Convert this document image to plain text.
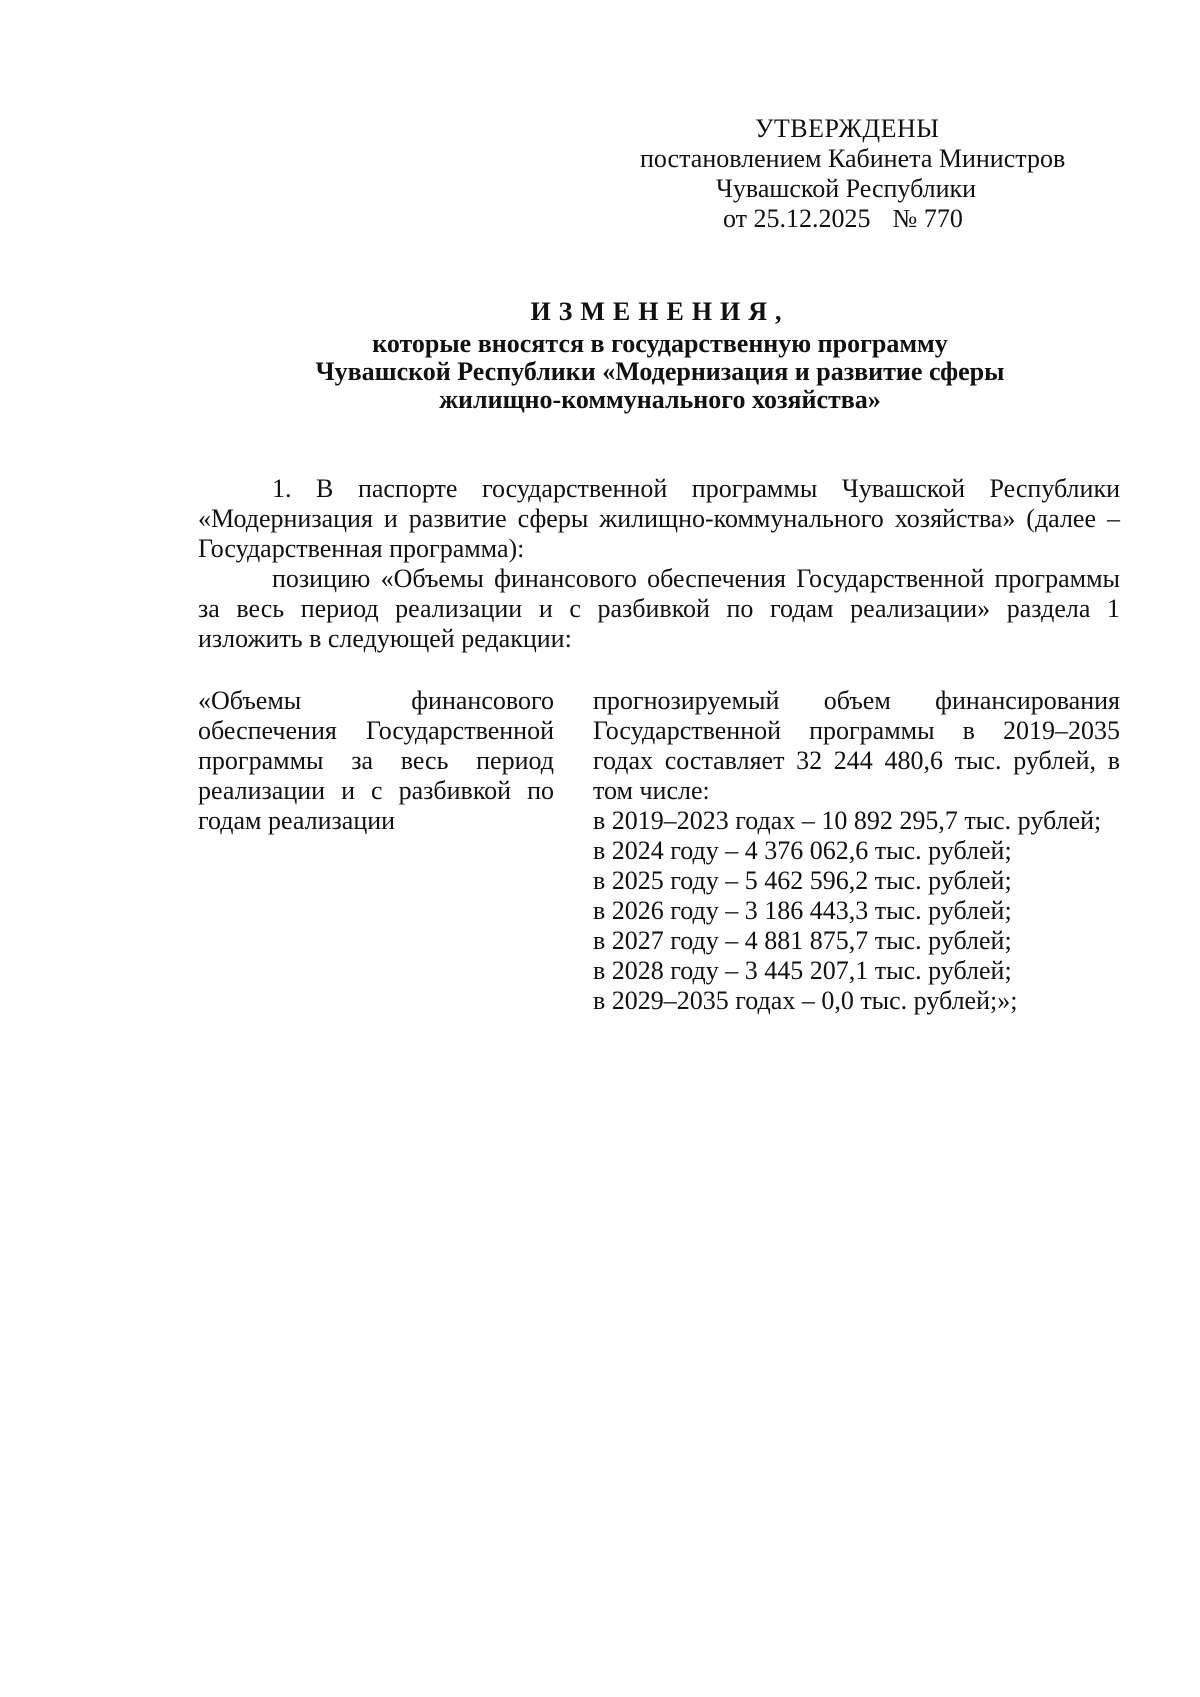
УТВЕРЖДЕНЫ
постановлением Кабинета Министров
Чувашской Республики
от 25.12.2025 № 770
ИЗМЕНЕНИЯ,
которые вносятся в государственную программу
Чувашской Республики «Модернизация и развитие сферы
жилищно-коммунального хозяйства»

1. В паспорте государственной программы Чувашской Республики «Модернизация и развитие сферы жилищно-коммунального хозяйства» (далее – Государственная программа):

позицию «Объемы финансового обеспечения Государственной программы за весь период реализации и с разбивкой по годам реализации» раздела 1 изложить в следующей редакции:

«Объемы финансового обеспечения Государственной программы за весь период реализации и с разбивкой по годам реализации
прогнозируемый объем финансирования Государственной программы в 2019–2035 годах составляет 32 244 480,6 тыс. рублей, в том числе:
в 2019–2023 годах – 10 892 295,7 тыс. рублей;
в 2024 году – 4 376 062,6 тыс. рублей;
в 2025 году – 5 462 596,2 тыс. рублей;
в 2026 году – 3 186 443,3 тыс. рублей;
в 2027 году – 4 881 875,7 тыс. рублей;
в 2028 году – 3 445 207,1 тыс. рублей;
в 2029–2035 годах – 0,0 тыс. рублей;»;
